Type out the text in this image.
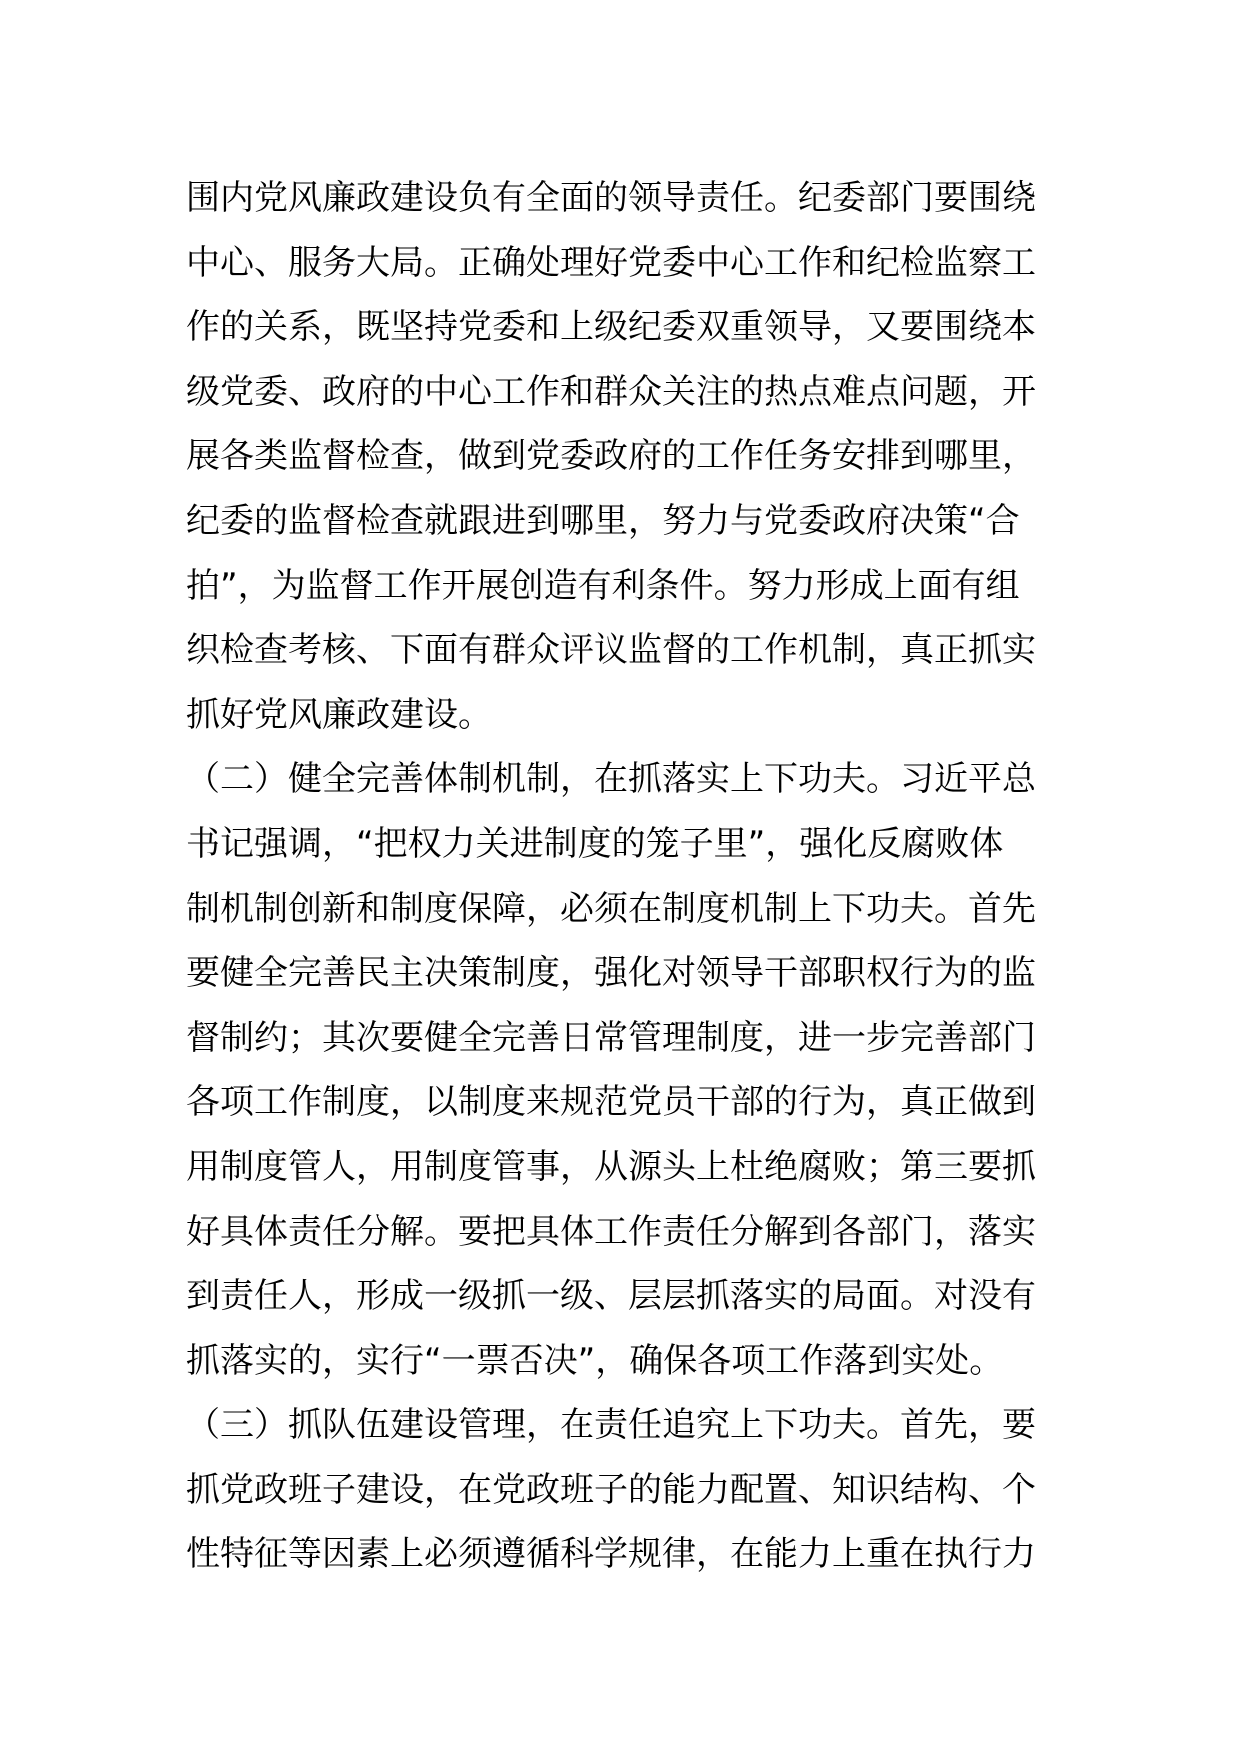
围内党风廉政建设负有全面的领导责任。纪委部门要围绕
中心、服务大局。正确处理好党委中心工作和纪检监察工
作的关系，既坚持党委和上级纪委双重领导，又要围绕本
级党委、政府的中心工作和群众关注的热点难点问题，开
展各类监督检查，做到党委政府的工作任务安排到哪里，
纪委的监督检查就跟进到哪里，努力与党委政府决策“合
拍”，为监督工作开展创造有利条件。努力形成上面有组
织检查考核、下面有群众评议监督的工作机制，真正抓实
抓好党风廉政建设。
（二）健全完善体制机制，在抓落实上下功夫。习近平总
书记强调，“把权力关进制度的笼子里”，强化反腐败体
制机制创新和制度保障，必须在制度机制上下功夫。首先
要健全完善民主决策制度，强化对领导干部职权行为的监
督制约；其次要健全完善日常管理制度，进一步完善部门
各项工作制度，以制度来规范党员干部的行为，真正做到
用制度管人，用制度管事，从源头上杜绝腐败；第三要抓
好具体责任分解。要把具体工作责任分解到各部门，落实
到责任人，形成一级抓一级、层层抓落实的局面。对没有
抓落实的，实行“一票否决”，确保各项工作落到实处。
（三）抓队伍建设管理，在责任追究上下功夫。首先，要
抓党政班子建设，在党政班子的能力配置、知识结构、个
性特征等因素上必须遵循科学规律，在能力上重在执行力
